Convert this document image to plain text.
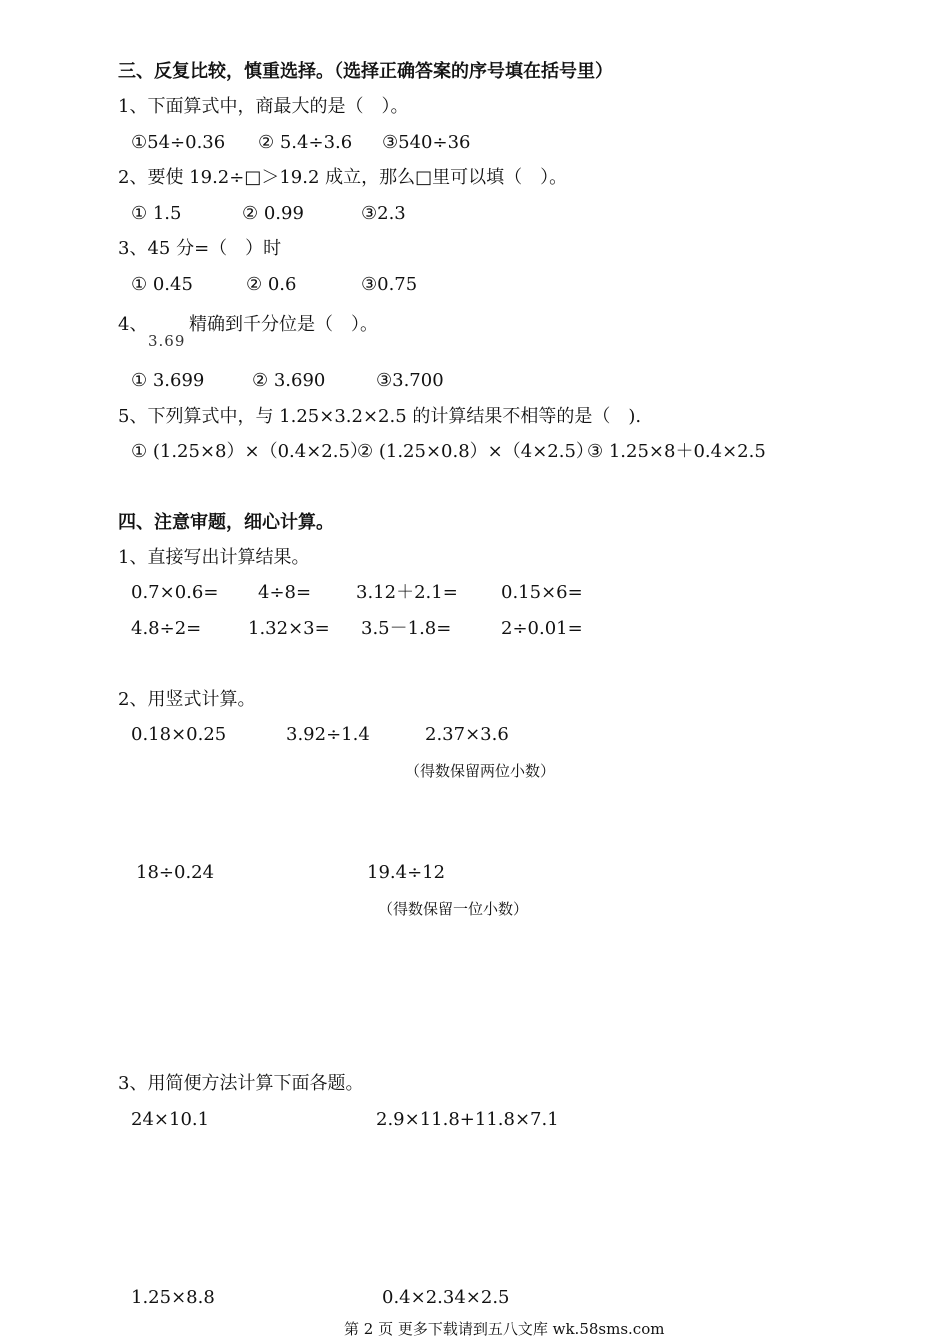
三、反复比较，慎重选择。（选择正确答案的序号填在括号里）
1、下面算式中，商最大的是（　）。
①54÷0.36 ② 5.4÷3.6 ③540÷36
2、要使 19.2÷□＞19.2 成立，那么□里可以填（　）。
① 1.5	② 0.99	③2.3
3、45 分=（　）时
① 0.45	② 0.6	③0.75
4、
3.69
精确到千分位是（　）。
① 3.699	② 3.690	③3.700
5、下列算式中，与 1.25×3.2×2.5 的计算结果不相等的是（　).
① (1.25×8）×（0.4×2.5）
② (1.25×0.8）×（4×2.5）
③ 1.25×8＋0.4×2.5
四、注意审题，细心计算。
1、直接写出计算结果。
0.7×0.6= 4÷8= 3.12＋2.1= 0.15×6=
4.8÷2=	1.32×3= 3.5－1.8=	2÷0.01=
2、用竖式计算。
0.18×0.25	3.92÷1.4	2.37×3.6
（得数保留两位小数）
18÷0.24	19.4÷12
（得数保留一位小数）
3、用简便方法计算下面各题。
24×10.1	2.9×11.8+11.8×7.1
1.25×8.8	0.4×2.34×2.5
第 2 页 更多下载请到五八文库 wk.58sms.com
